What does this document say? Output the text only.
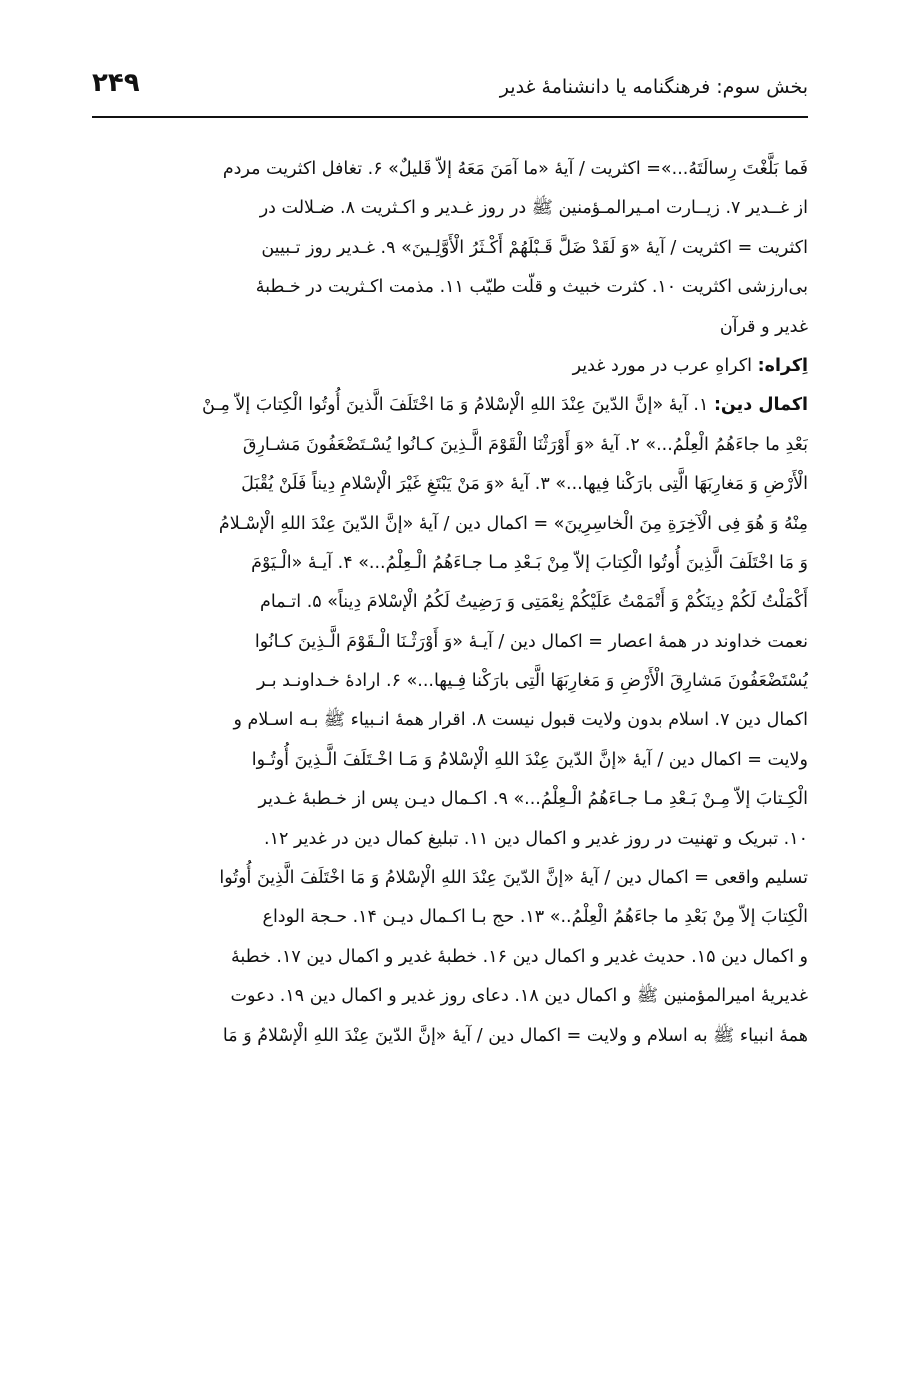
بخش سوم: فرهنگنامه یا دانشنامهٔ غدیر
۲۴۹
فَما بَلَّغْتَ رِسالَتَهُ...»= اکثریت / آیهٔ «ما آمَنَ مَعَهُ إلاّ قَلیلٌ» ۶. تغافل اکثریت مردم
از غــدیر ۷. زیــارت امـیرالمـؤمنین ﷺ در روز غـدیر و اکـثریت ۸. ضـلالت در
اکثریت = اکثریت / آیهٔ «وَ لَقَدْ ضَلَّ قَـبْلَهُمْ أَکْـثَرُ الْأَوَّلِـینَ» ۹. غـدیر روز تـبیین
بی‌ارزشی اکثریت ۱۰. کثرت خبیث و قلّت طیّب ۱۱. مذمت اکـثریت در خـطبهٔ
غدیر و قرآن
اِکراه: اکراهِ عرب در مورد غدیر
اکمال دین: ۱. آیهٔ «إنَّ الدّینَ عِنْدَ اللهِ الْإسْلامُ وَ مَا اخْتَلَفَ الَّذینَ أُوتُوا الْکِتابَ إلاّ مِـنْ
بَعْدِ ما جاءَهُمُ الْعِلْمُ...» ۲. آیهٔ «وَ أَوْرَثْنَا الْقَوْمَ الَّـذِینَ کـانُوا یُسْـتَضْعَفُونَ مَشـارِقَ
الْأَرْضِ وَ مَغارِبَهَا الَّتِی بارَکْنا فِیها...» ۳. آیهٔ «وَ مَنْ یَبْتَغِ غَیْرَ الْإسْلامِ دِیناً فَلَنْ یُقْبَلَ
مِنْهُ وَ هُوَ فِی الْآخِرَةِ مِنَ الْخاسِرِینَ» = اکمال دین / آیهٔ «إنَّ الدّینَ عِنْدَ اللهِ الْإسْـلامُ
وَ مَا اخْتَلَفَ الَّذِینَ أُوتُوا الْکِتابَ إلاّ مِنْ بَـعْدِ مـا جـاءَهُمُ الْـعِلْمُ...» ۴. آیـهٔ «الْـیَوْمَ
أَکْمَلْتُ لَکُمْ دِینَکُمْ وَ أَتْمَمْتُ عَلَیْکُمْ نِعْمَتِی وَ رَضِیتُ لَکُمُ الْإسْلامَ دِیناً» ۵. اتـمام
نعمت خداوند در همهٔ اعصار = اکمال دین / آیـهٔ «وَ أَوْرَثْـنَا الْـقَوْمَ الَّـذِینَ کـانُوا
یُسْتَضْعَفُونَ مَشارِقَ الْأَرْضِ وَ مَغارِبَهَا الَّتِی بارَکْنا فِـیها...» ۶. ارادهٔ خـداونـد بـر
اکمال دین ۷. اسلام بدون ولایت قبول نیست ۸. اقرار همهٔ انـبیاء ﷺ بـه اسـلام و
ولایت = اکمال دین / آیهٔ «إنَّ الدّینَ عِنْدَ اللهِ الْإسْلامُ وَ مَـا اخْـتَلَفَ الَّـذِینَ أُوتُـوا
الْکِـتابَ إلاّ مِـنْ بَـعْدِ مـا جـاءَهُمُ الْـعِلْمُ...» ۹. اکـمال دیـن پس از خـطبهٔ غـدیر
۱۰. تبریک و تهنیت در روز غدیر و اکمال دین ۱۱. تبلیغ کمال دین در غدیر ۱۲.
تسلیم واقعی = اکمال دین / آیهٔ «إنَّ الدّینَ عِنْدَ اللهِ الْإسْلامُ وَ مَا اخْتَلَفَ الَّذِینَ أُوتُوا
الْکِتابَ إلاّ مِنْ بَعْدِ ما جاءَهُمُ الْعِلْمُ..» ۱۳. حج بـا اکـمال دیـن ۱۴. حـجة الوداع
و اکمال دین ۱۵. حدیث غدیر و اکمال دین ۱۶. خطبهٔ غدیر و اکمال دین ۱۷. خطبهٔ
غدیریهٔ امیرالمؤمنین ﷺ و اکمال دین ۱۸. دعای روز غدیر و اکمال دین ۱۹. دعوت
همهٔ انبیاء ﷺ به اسلام و ولایت = اکمال دین / آیهٔ «إنَّ الدّینَ عِنْدَ اللهِ الْإسْلامُ وَ مَا
